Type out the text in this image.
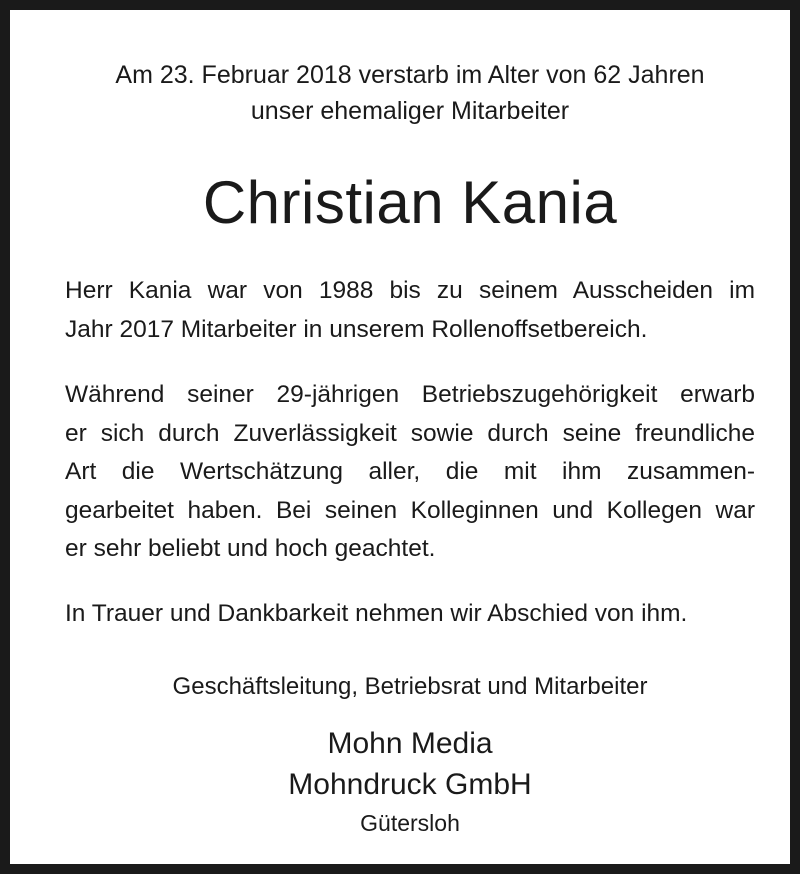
Am 23. Februar 2018 verstarb im Alter von 62 Jahren
unser ehemaliger Mitarbeiter
Christian Kania
Herr Kania war von 1988 bis zu seinem Ausscheiden im
Jahr 2017 Mitarbeiter in unserem Rollenoffsetbereich.
Während seiner 29-jährigen Betriebszugehörigkeit erwarb
er sich durch Zuverlässigkeit sowie durch seine freundliche
Art die Wertschätzung aller, die mit ihm zusammen-
gearbeitet haben. Bei seinen Kolleginnen und Kollegen war
er sehr beliebt und hoch geachtet.
In Trauer und Dankbarkeit nehmen wir Abschied von ihm.
Geschäftsleitung, Betriebsrat und Mitarbeiter
Mohn Media
Mohndruck GmbH
Gütersloh
